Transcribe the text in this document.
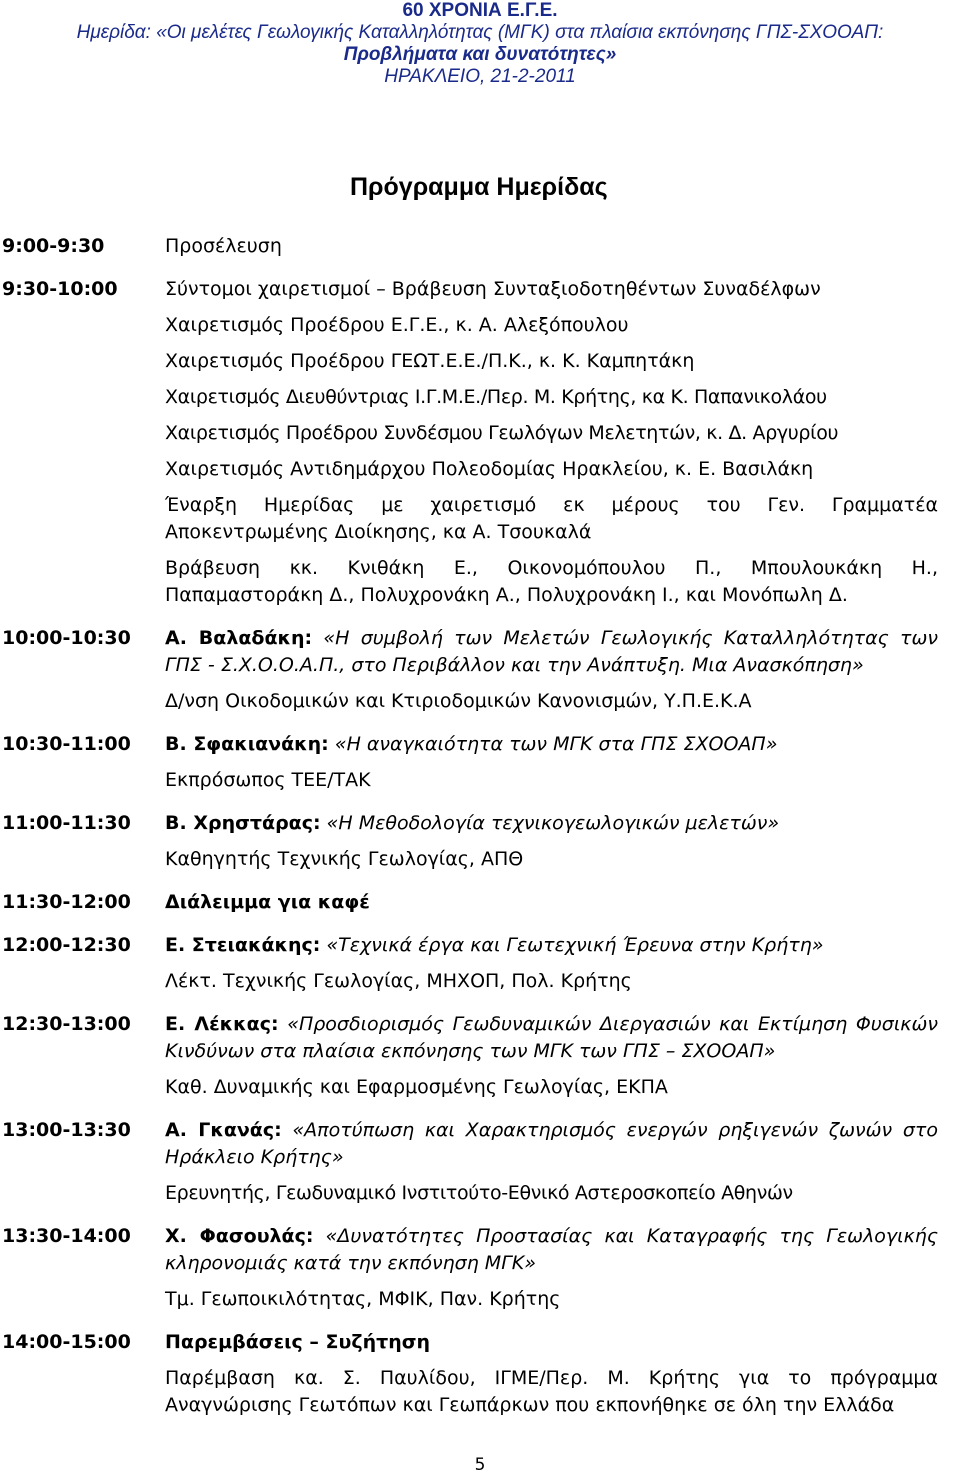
60 ΧΡΟΝΙΑ Ε.Γ.Ε.
Ημερίδα: «Οι μελέτες Γεωλογικής Καταλληλότητας (ΜΓΚ) στα πλαίσια εκπόνησης ΓΠΣ-ΣΧΟΟΑΠ:
Προβλήματα και δυνατότητες»
ΗΡΑΚΛΕΙΟ, 21-2-2011
Πρόγραμμα Ημερίδας
9:00-9:30	Προσέλευση
9:30-10:00	Σύντομοι χαιρετισμοί – Βράβευση Συνταξιοδοτηθέντων Συναδέλφων
Χαιρετισμός Προέδρου Ε.Γ.Ε., κ. Α. Αλεξόπουλου
Χαιρετισμός Προέδρου ΓΕΩΤ.Ε.Ε./Π.Κ., κ. Κ. Καμπητάκη
Χαιρετισμός Διευθύντριας Ι.Γ.Μ.Ε./Περ. Μ. Κρήτης, κα Κ. Παπανικολάου
Χαιρετισμός Προέδρου Συνδέσμου Γεωλόγων Μελετητών, κ. Δ. Αργυρίου
Χαιρετισμός Αντιδημάρχου Πολεοδομίας Ηρακλείου, κ. Ε. Βασιλάκη
Έναρξη Ημερίδας με χαιρετισμό εκ μέρους του Γεν. Γραμματέα Αποκεντρωμένης Διοίκησης, κα Α. Τσουκαλά
Βράβευση κκ. Κνιθάκη Ε., Οικονομόπουλου Π., Μπουλουκάκη Η., Παπαμαστοράκη Δ., Πολυχρονάκη Α., Πολυχρονάκη Ι., και Μονόπωλη Δ.
10:00-10:30	Α. Βαλαδάκη: «Η συμβολή των Μελετών Γεωλογικής Καταλληλότητας των ΓΠΣ - Σ.Χ.Ο.Ο.Α.Π., στο Περιβάλλον και την Ανάπτυξη. Μια Ανασκόπηση»
Δ/νση Οικοδομικών και Κτιριοδομικών Κανονισμών, Υ.Π.Ε.Κ.Α
10:30-11:00	Β. Σφακιανάκη: «Η αναγκαιότητα των ΜΓΚ στα ΓΠΣ ΣΧΟΟΑΠ»
Εκπρόσωπος ΤΕΕ/ΤΑΚ
11:00-11:30	Β. Χρηστάρας: «Η Μεθοδολογία τεχνικογεωλογικών μελετών»
Καθηγητής Τεχνικής Γεωλογίας, ΑΠΘ
11:30-12:00	Διάλειμμα για καφέ
12:00-12:30	Ε. Στειακάκης: «Τεχνικά έργα και Γεωτεχνική Έρευνα στην Κρήτη»
Λέκτ. Τεχνικής Γεωλογίας, ΜΗΧΟΠ, Πολ. Κρήτης
12:30-13:00	Ε. Λέκκας: «Προσδιορισμός Γεωδυναμικών Διεργασιών και Εκτίμηση Φυσικών Κινδύνων στα πλαίσια εκπόνησης των ΜΓΚ των ΓΠΣ – ΣΧΟΟΑΠ»
Καθ. Δυναμικής και Εφαρμοσμένης Γεωλογίας, ΕΚΠΑ
13:00-13:30	Α. Γκανάς: «Αποτύπωση και Χαρακτηρισμός ενεργών ρηξιγενών ζωνών στο Ηράκλειο Κρήτης»
Ερευνητής, Γεωδυναμικό Ινστιτούτο-Εθνικό Αστεροσκοπείο Αθηνών
13:30-14:00	Χ. Φασουλάς: «Δυνατότητες Προστασίας και Καταγραφής της Γεωλογικής κληρονομιάς κατά την εκπόνηση ΜΓΚ»
Τμ. Γεωποικιλότητας, ΜΦΙΚ, Παν. Κρήτης
14:00-15:00	Παρεμβάσεις – Συζήτηση
Παρέμβαση κα. Σ. Παυλίδου, ΙΓΜΕ/Περ. Μ. Κρήτης για το πρόγραμμα Αναγνώρισης Γεωτόπων και Γεωπάρκων που εκπονήθηκε σε όλη την Ελλάδα
5
